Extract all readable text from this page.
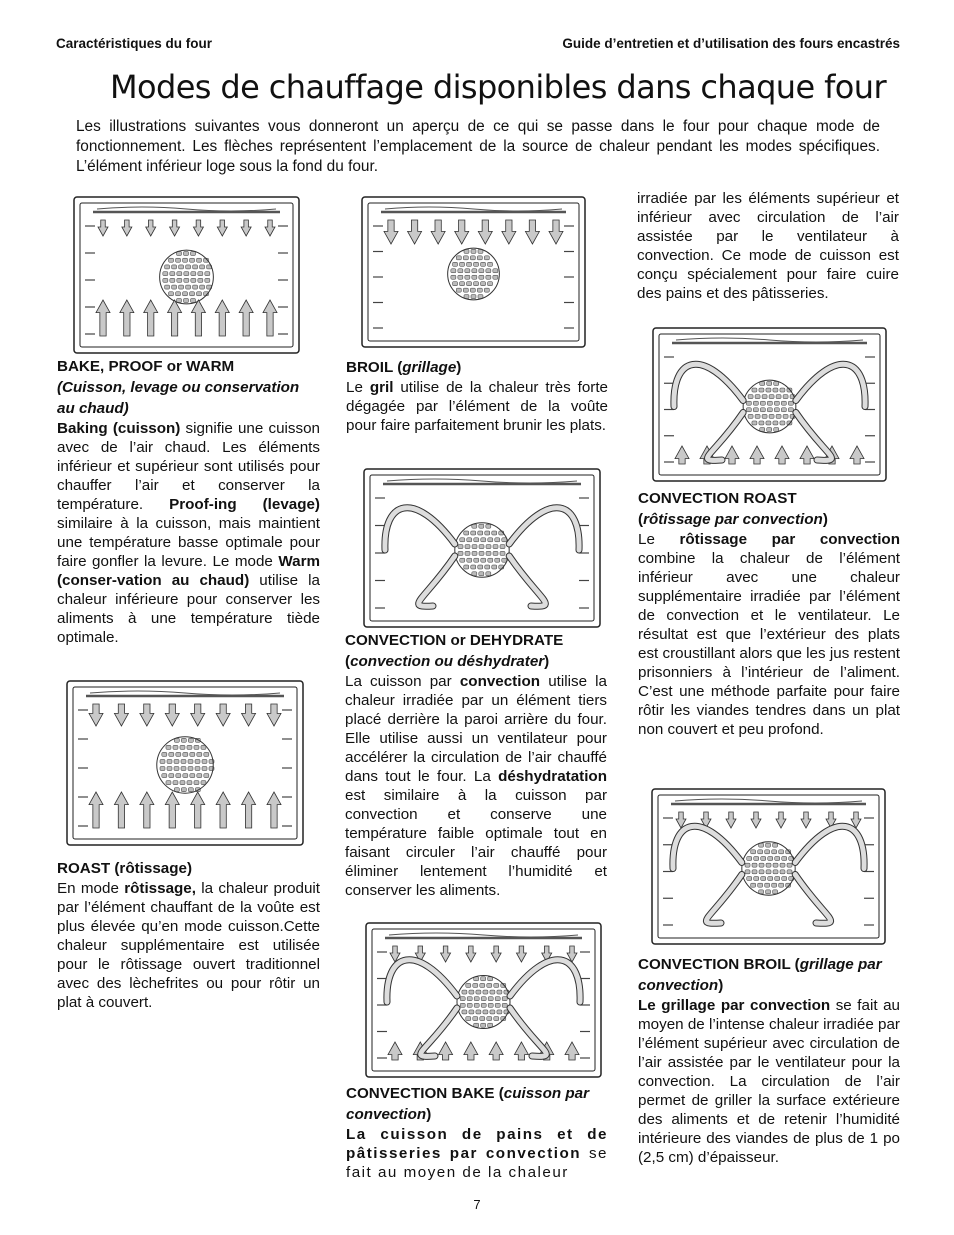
Caractéristiques du four	Guide d’entretien et d’utilisation des fours encastrés
Modes de chauffage disponibles dans chaque four

Les illustrations suivantes vous donneront un aperçu de ce qui se passe dans le four pour chaque mode de fonctionnement. Les flèches représentent l’emplacement de la source de chaleur pendant les modes spécifiques. L’élément inférieur loge sous la fond du four.

BAKE, PROOF or WARM
(Cuisson, levage ou conservation au chaud)

Baking (cuisson) signifie une cuisson avec de l’air chaud. Les éléments inférieur et supérieur sont utilisés pour chauffer l’air et conserver la température. Proof-ing (levage) similaire à la cuisson, mais maintient une température basse optimale pour faire gonfler la levure. Le mode Warm (conser-vation au chaud) utilise la chaleur inférieure pour conserver les aliments à une température tiède optimale.

ROAST (rôtissage)

En mode rôtissage, la chaleur produit par l’élément chauffant de la voûte est plus élevée qu’en mode cuisson.Cette chaleur supplémentaire est utilisée pour le rôtissage ouvert traditionnel avec des lèchefrites ou pour rôtir un plat à couvert.

BROIL (grillage)

Le gril utilise de la chaleur très forte dégagée par l’élément de la voûte pour faire parfaitement brunir les plats.

CONVECTION or DEHYDRATE
(convection ou déshydrater)

La cuisson par convection utilise la chaleur irradiée par un élément tiers placé derrière la paroi arrière du four. Elle utilise aussi un ventilateur pour accélérer la circulation de l’air chauffé dans tout le four. La déshydratation est similaire à la cuisson par convection et conserve une température faible optimale tout en faisant circuler l’air chauffé pour éliminer lentement l’humidité et conserver les aliments.

CONVECTION BAKE (cuisson par convection)

La cuisson de pains et de pâtisseries par convection se fait au moyen de la chaleur

irradiée par les éléments supérieur et inférieur avec circulation de l’air assistée par le ventilateur à convection. Ce mode de cuisson est conçu spécialement pour faire cuire des pains et des pâtisseries.

CONVECTION ROAST
(rôtissage par convection)

Le rôtissage par convection combine la chaleur de l’élément inférieur avec une chaleur supplémentaire irradiée par l’élément de convection et le ventilateur. Le résultat est que l’extérieur des plats est croustillant alors que les jus restent prisonniers à l’intérieur de l’aliment. C’est une méthode parfaite pour faire rôtir les viandes tendres dans un plat non couvert et peu profond.

CONVECTION BROIL (grillage par convection)

Le grillage par convection se fait au moyen de l’intense chaleur irradiée par l’élément supérieur avec circulation de l’air assistée par le ventilateur pour la convection. La circulation de l’air permet de griller la surface extérieure des aliments et de retenir l’humidité intérieure des viandes de plus de 1 po (2,5 cm) d’épaisseur.

7
